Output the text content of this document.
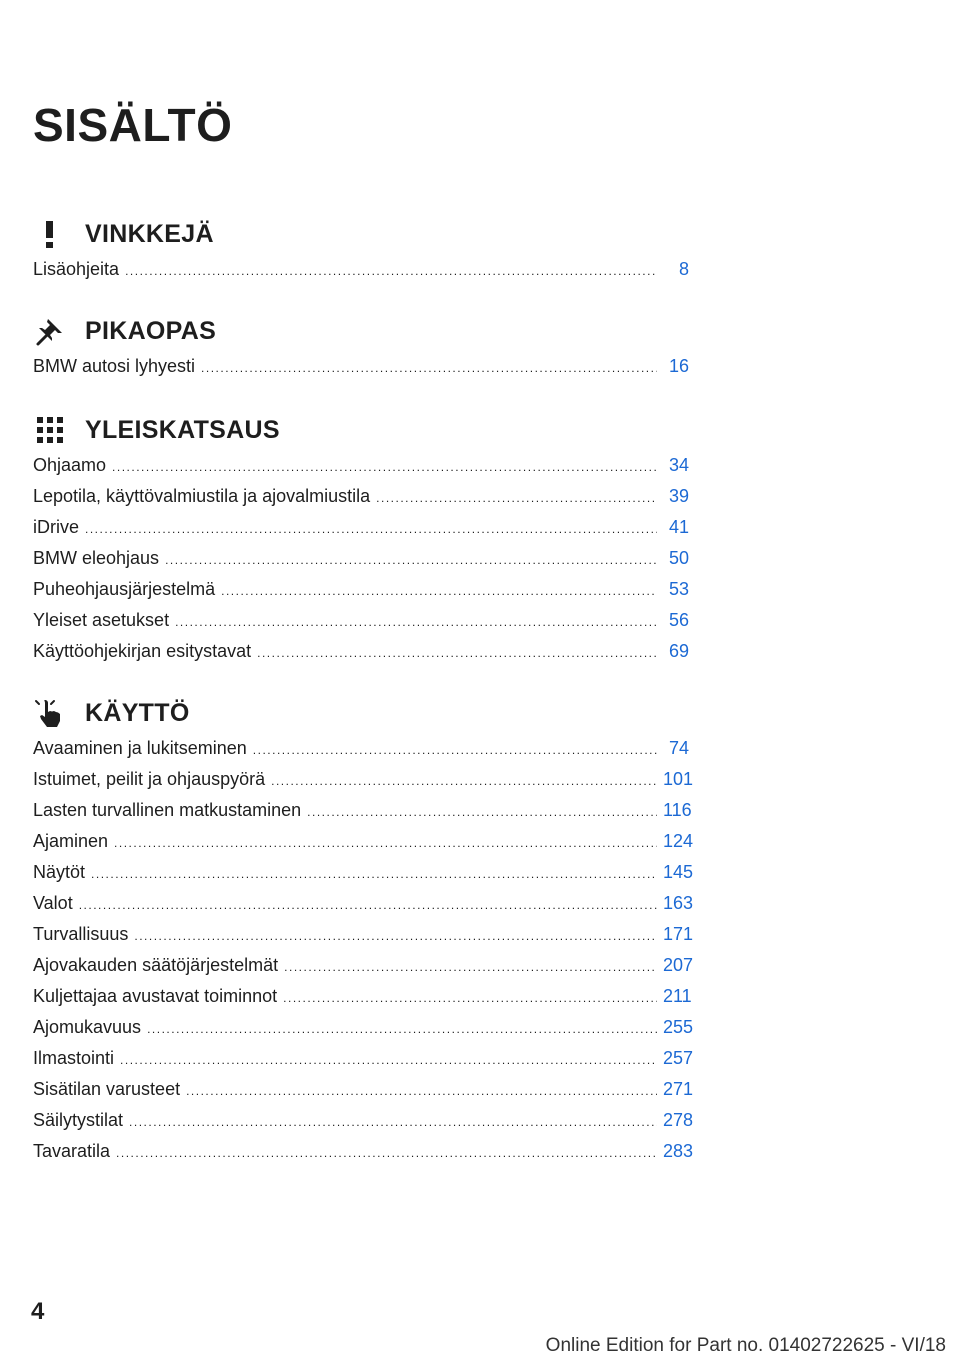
SISÄLTÖ
VINKKEJÄ
Lisäohjeita .....	8
PIKAOPAS
BMW autosi lyhyesti .....	16
YLEISKATSAUS
Ohjaamo .....	34
Lepotila, käyttövalmiustila ja ajovalmiustila .....	39
iDrive .....	41
BMW eleohjaus .....	50
Puheohjausjärjestelmä .....	53
Yleiset asetukset .....	56
Käyttöohjekirjan esitystavat .....	69
KÄYTTÖ
Avaaminen ja lukitseminen .....	74
Istuimet, peilit ja ohjauspyörä .....	101
Lasten turvallinen matkustaminen .....	116
Ajaminen .....	124
Näytöt .....	145
Valot .....	163
Turvallisuus .....	171
Ajovakauden säätöjärjestelmät .....	207
Kuljettajaa avustavat toiminnot .....	211
Ajomukavuus .....	255
Ilmastointi .....	257
Sisätilan varusteet .....	271
Säilytystilat .....	278
Tavaratila .....	283
4
Online Edition for Part no. 01402722625 - VI/18
